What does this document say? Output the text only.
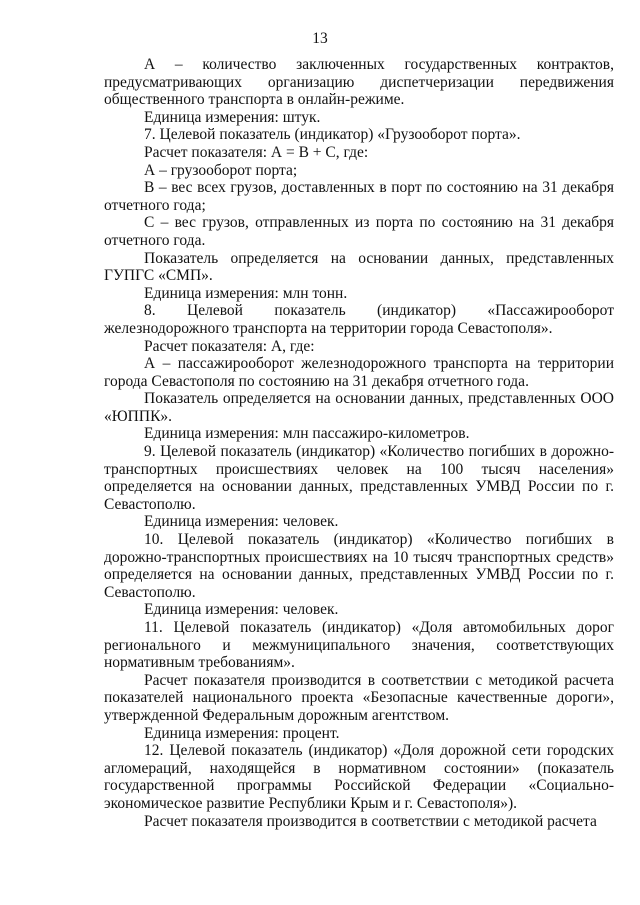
13

А – количество заключенных государственных контрактов, предусматривающих организацию диспетчеризации передвижения общественного транспорта в онлайн-режиме.

Единица измерения: штук.

7. Целевой показатель (индикатор) «Грузооборот порта».

Расчет показателя: А = В + С, где:

А – грузооборот порта;

В – вес всех грузов, доставленных в порт по состоянию на 31 декабря отчетного года;

С – вес грузов, отправленных из порта по состоянию на 31 декабря отчетного года.

Показатель определяется на основании данных, представленных ГУПГС «СМП».

Единица измерения: млн тонн.

8. Целевой показатель (индикатор) «Пассажирооборот железнодорожного транспорта на территории города Севастополя».

Расчет показателя: А, где:

А – пассажирооборот железнодорожного транспорта на территории города Севастополя по состоянию на 31 декабря отчетного года.

Показатель определяется на основании данных, представленных ООО «ЮППК».

Единица измерения: млн пассажиро-километров.

9. Целевой показатель (индикатор) «Количество погибших в дорожно-транспортных происшествиях человек на 100 тысяч населения» определяется на основании данных, представленных УМВД России по г. Севастополю.

Единица измерения: человек.

10. Целевой показатель (индикатор) «Количество погибших в дорожно-транспортных происшествиях на 10 тысяч транспортных средств» определяется на основании данных, представленных УМВД России по г. Севастополю.

Единица измерения: человек.

11. Целевой показатель (индикатор) «Доля автомобильных дорог регионального и межмуниципального значения, соответствующих нормативным требованиям».

Расчет показателя производится в соответствии с методикой расчета показателей национального проекта «Безопасные качественные дороги», утвержденной Федеральным дорожным агентством.

Единица измерения: процент.

12. Целевой показатель (индикатор) «Доля дорожной сети городских агломераций, находящейся в нормативном состоянии» (показатель государственной программы Российской Федерации «Социально-экономическое развитие Республики Крым и г. Севастополя»).

Расчет показателя производится в соответствии с методикой расчета
